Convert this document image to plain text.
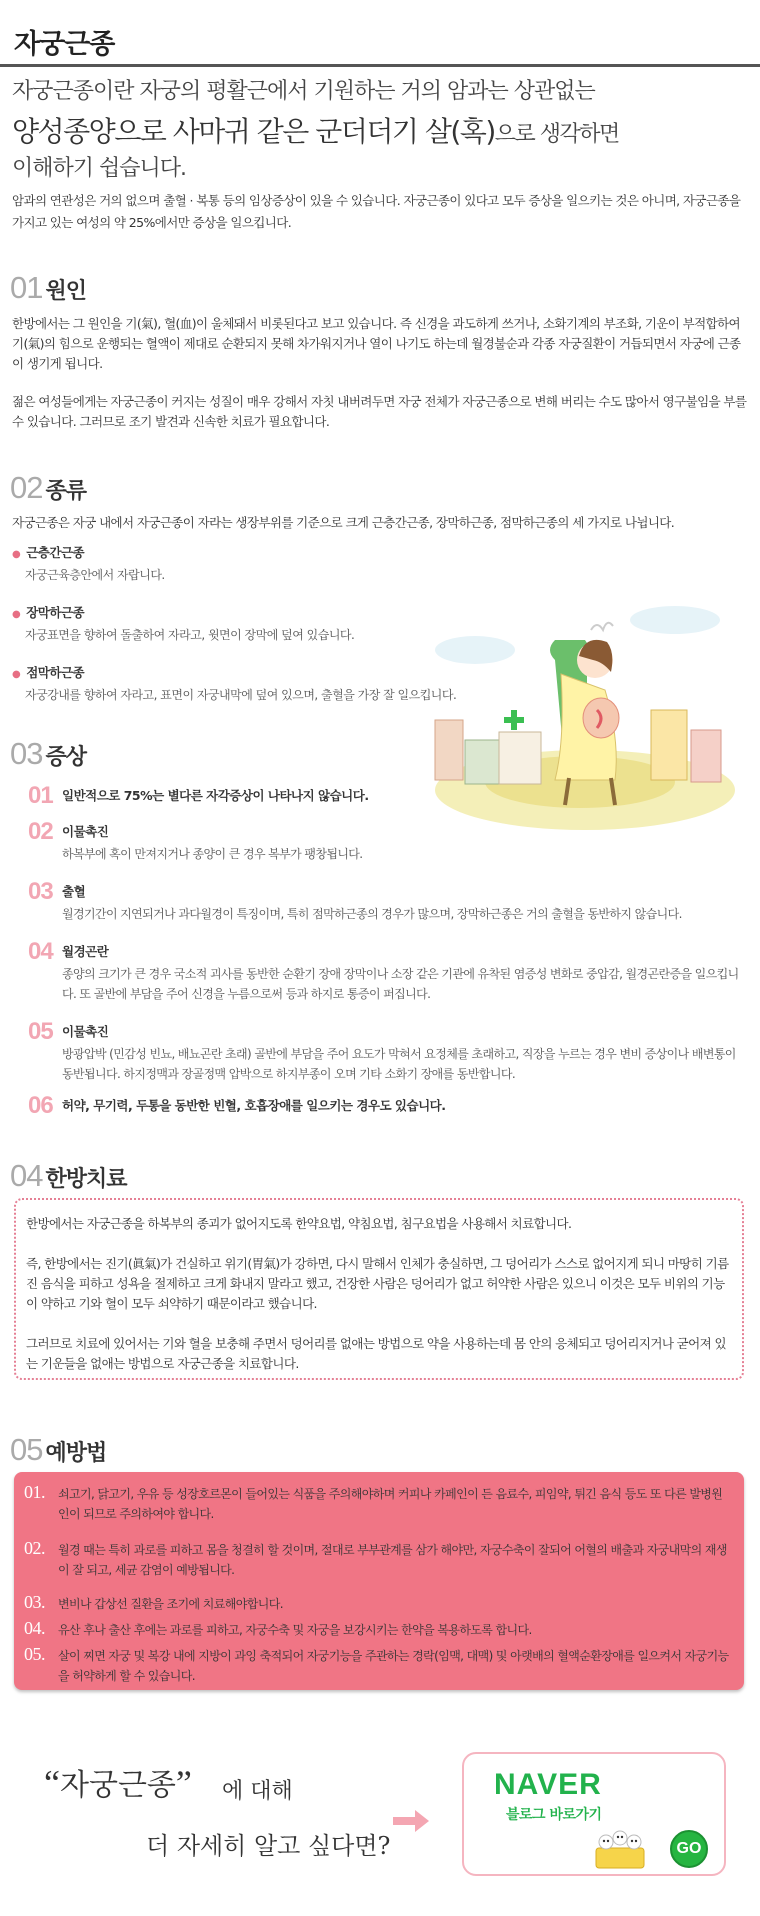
자궁근종
자궁근종이란 자궁의 평활근에서 기원하는 거의 암과는 상관없는
양성종양으로 사마귀 같은 군더더기 살(혹)으로 생각하면
이해하기 쉽습니다.
암과의 연관성은 거의 없으며 출혈 · 복통 등의 임상증상이 있을 수 있습니다. 자궁근종이 있다고 모두 증상을 일으키는 것은 아니며, 자궁근종을 가지고 있는 여성의 약 25%에서만 증상을 일으킵니다.
01 원인
한방에서는 그 원인을 기(氣), 혈(血)이 울체돼서 비롯된다고 보고 있습니다. 즉 신경을 과도하게 쓰거나, 소화기계의 부조화, 기운이 부적합하여 기(氣)의 힘으로 운행되는 혈액이 제대로 순환되지 못해 차가워지거나 열이 나기도 하는데 월경불순과 각종 자궁질환이 거듭되면서 자궁에 근종이 생기게 됩니다.
젊은 여성들에게는 자궁근종이 커지는 성질이 매우 강해서 자칫 내버려두면 자궁 전체가 자궁근종으로 변해 버리는 수도 많아서 영구불임을 부를 수 있습니다. 그러므로 조기 발견과 신속한 치료가 필요합니다.
02 종류
자궁근종은 자궁 내에서 자궁근종이 자라는 생장부위를 기준으로 크게 근층간근종, 장막하근종, 점막하근종의 세 가지로 나뉩니다.
● 근층간근종
자궁근육층안에서 자랍니다.
● 장막하근종
자궁표면을 향하여 돌출하여 자라고, 윗면이 장막에 덮여 있습니다.
● 점막하근종
자궁강내를 향하여 자라고, 표면이 자궁내막에 덮여 있으며, 출혈을 가장 잘 일으킵니다.
03 증상
01 일반적으로 75%는 별다른 자각증상이 나타나지 않습니다.
02 이물촉진
하복부에 혹이 만져지거나 종양이 큰 경우 복부가 팽창됩니다.
03 출혈
월경기간이 지연되거나 과다월경이 특징이며, 특히 점막하근종의 경우가 많으며, 장막하근종은 거의 출혈을 동반하지 않습니다.
04 월경곤란
종양의 크기가 큰 경우 국소적 괴사를 동반한 순환기 장애 장막이나 소장 같은 기관에 유착된 염증성 변화로 중압감, 월경곤란증을 일으킵니다. 또 골반에 부담을 주어 신경을 누름으로써 등과 하지로 통증이 퍼집니다.
05 이물촉진
방광압박 (민감성 빈뇨, 배뇨곤란 초래) 골반에 부담을 주어 요도가 막혀서 요정체를 초래하고, 직장을 누르는 경우 변비 증상이나 배변통이 동반됩니다. 하지정맥과 장골정맥 압박으로 하지부종이 오며 기타 소화기 장애를 동반합니다.
06 허약, 무기력, 두통을 동반한 빈혈, 호흡장애를 일으키는 경우도 있습니다.
04 한방치료

한방에서는 자궁근종을 하복부의 종괴가 없어지도록 한약요법, 약침요법, 침구요법을 사용해서 치료합니다.

즉, 한방에서는 진기(眞氣)가 건실하고 위기(胃氣)가 강하면, 다시 말해서 인체가 충실하면, 그 덩어리가 스스로 없어지게 되니 마땅히 기름진 음식을 피하고 성욕을 절제하고 크게 화내지 말라고 했고, 건장한 사람은 덩어리가 없고 허약한 사람은 있으니 이것은 모두 비위의 기능이 약하고 기와 혈이 모두 쇠약하기 때문이라고 했습니다.

그러므로 치료에 있어서는 기와 혈을 보충해 주면서 덩어리를 없애는 방법으로 약을 사용하는데 몸 안의 응체되고 덩어리지거나 굳어져 있는 기운들을 없애는 방법으로 자궁근종을 치료합니다.

05 예방법
01. 쇠고기, 닭고기, 우유 등 성장호르몬이 들어있는 식품을 주의해야하며 커피나 카페인이 든 음료수, 피임약, 튀긴 음식 등도 또 다른 발병원인이 되므로 주의하여야 합니다.
02. 월경 때는 특히 과로를 피하고 몸을 청결히 할 것이며, 절대로 부부관계를 삼가 해야만, 자궁수축이 잘되어 어혈의 배출과 자궁내막의 재생이 잘 되고, 세균 감염이 예방됩니다.
03. 변비나 갑상선 질환을 조기에 치료해야합니다.
04. 유산 후나 출산 후에는 과로를 피하고, 자궁수축 및 자궁을 보강시키는 한약을 복용하도록 합니다.
05. 살이 찌면 자궁 및 복강 내에 지방이 과잉 축적되어 자궁기능을 주관하는 경락(임맥, 대맥) 및 아랫배의 혈액순환장애를 일으켜서 자궁기능을 허약하게 할 수 있습니다.
“자궁근종” 에 대해
더 자세히 알고 싶다면?
NAVER
블로그 바로가기
GO
